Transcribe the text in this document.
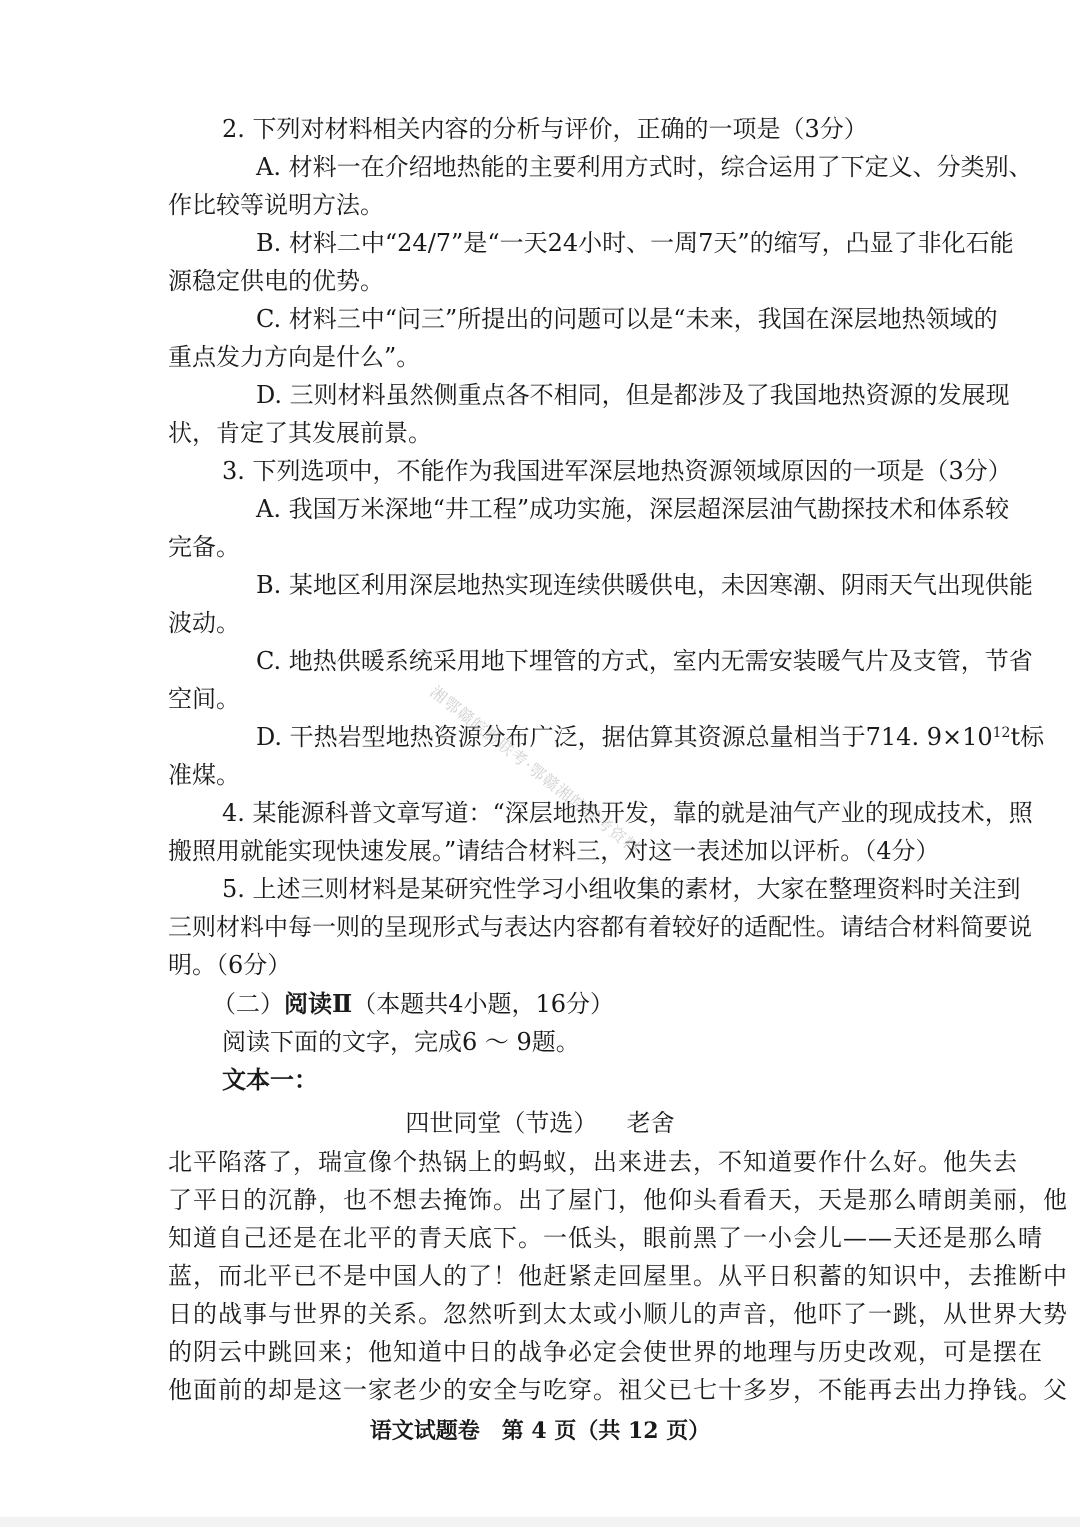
2. 下列对材料相关内容的分析与评价，正确的一项是（3分）

A. 材料一在介绍地热能的主要利用方式时，综合运用了下定义、分类别、

作比较等说明方法。

B. 材料二中“24/7”是“一天24小时、一周7天”的缩写，凸显了非化石能

源稳定供电的优势。

C. 材料三中“问三”所提出的问题可以是“未来，我国在深层地热领域的

重点发力方向是什么”。

D. 三则材料虽然侧重点各不相同，但是都涉及了我国地热资源的发展现

状，肯定了其发展前景。

3. 下列选项中，不能作为我国进军深层地热资源领域原因的一项是（3分）

A. 我国万米深地“井工程”成功实施，深层超深层油气勘探技术和体系较

完备。

B. 某地区利用深层地热实现连续供暖供电，未因寒潮、阴雨天气出现供能

波动。

C. 地热供暖系统采用地下埋管的方式，室内无需安装暖气片及支管，节省

空间。

D. 干热岩型地热资源分布广泛，据估算其资源总量相当于714. $9\times 10^{12}t$标

准煤。

4. 某能源科普文章写道：“深层地热开发，靠的就是油气产业的现成技术，照

搬照用就能实现快速发展。”请结合材料三，对这一表述加以评析。（4分）

5. 上述三则材料是某研究性学习小组收集的素材，大家在整理资料时关注到

三则材料中每一则的呈现形式与表达内容都有着较好的适配性。请结合材料简要说

明。（6分）

（二）阅读Ⅱ（本题共4小题，16分）

阅读下面的文字，完成6 ～ 9题。

文本一：

四世同堂（节选） 老舍
北平陷落了，瑞宣像个热锅上的蚂蚁，出来进去，不知道要作什么好。他失去
了平日的沉静，也不想去掩饰。出了屋门，他仰头看看天，天是那么晴朗美丽，他
知道自己还是在北平的青天底下。一低头，眼前黑了一小会儿——天还是那么晴
蓝，而北平已不是中国人的了！他赶紧走回屋里。从平日积蓄的知识中，去推断中
日的战事与世界的关系。忽然听到太太或小顺儿的声音，他吓了一跳，从世界大势
的阴云中跳回来；他知道中日的战争必定会使世界的地理与历史改观，可是摆在
他面前的却是这一家老少的安全与吃穿。祖父已七十多岁，不能再去出力挣钱。父
语文试题卷　第 4 页（共 12 页）
湘鄂赣皖黔联考·鄂赣湘皖联考资料
